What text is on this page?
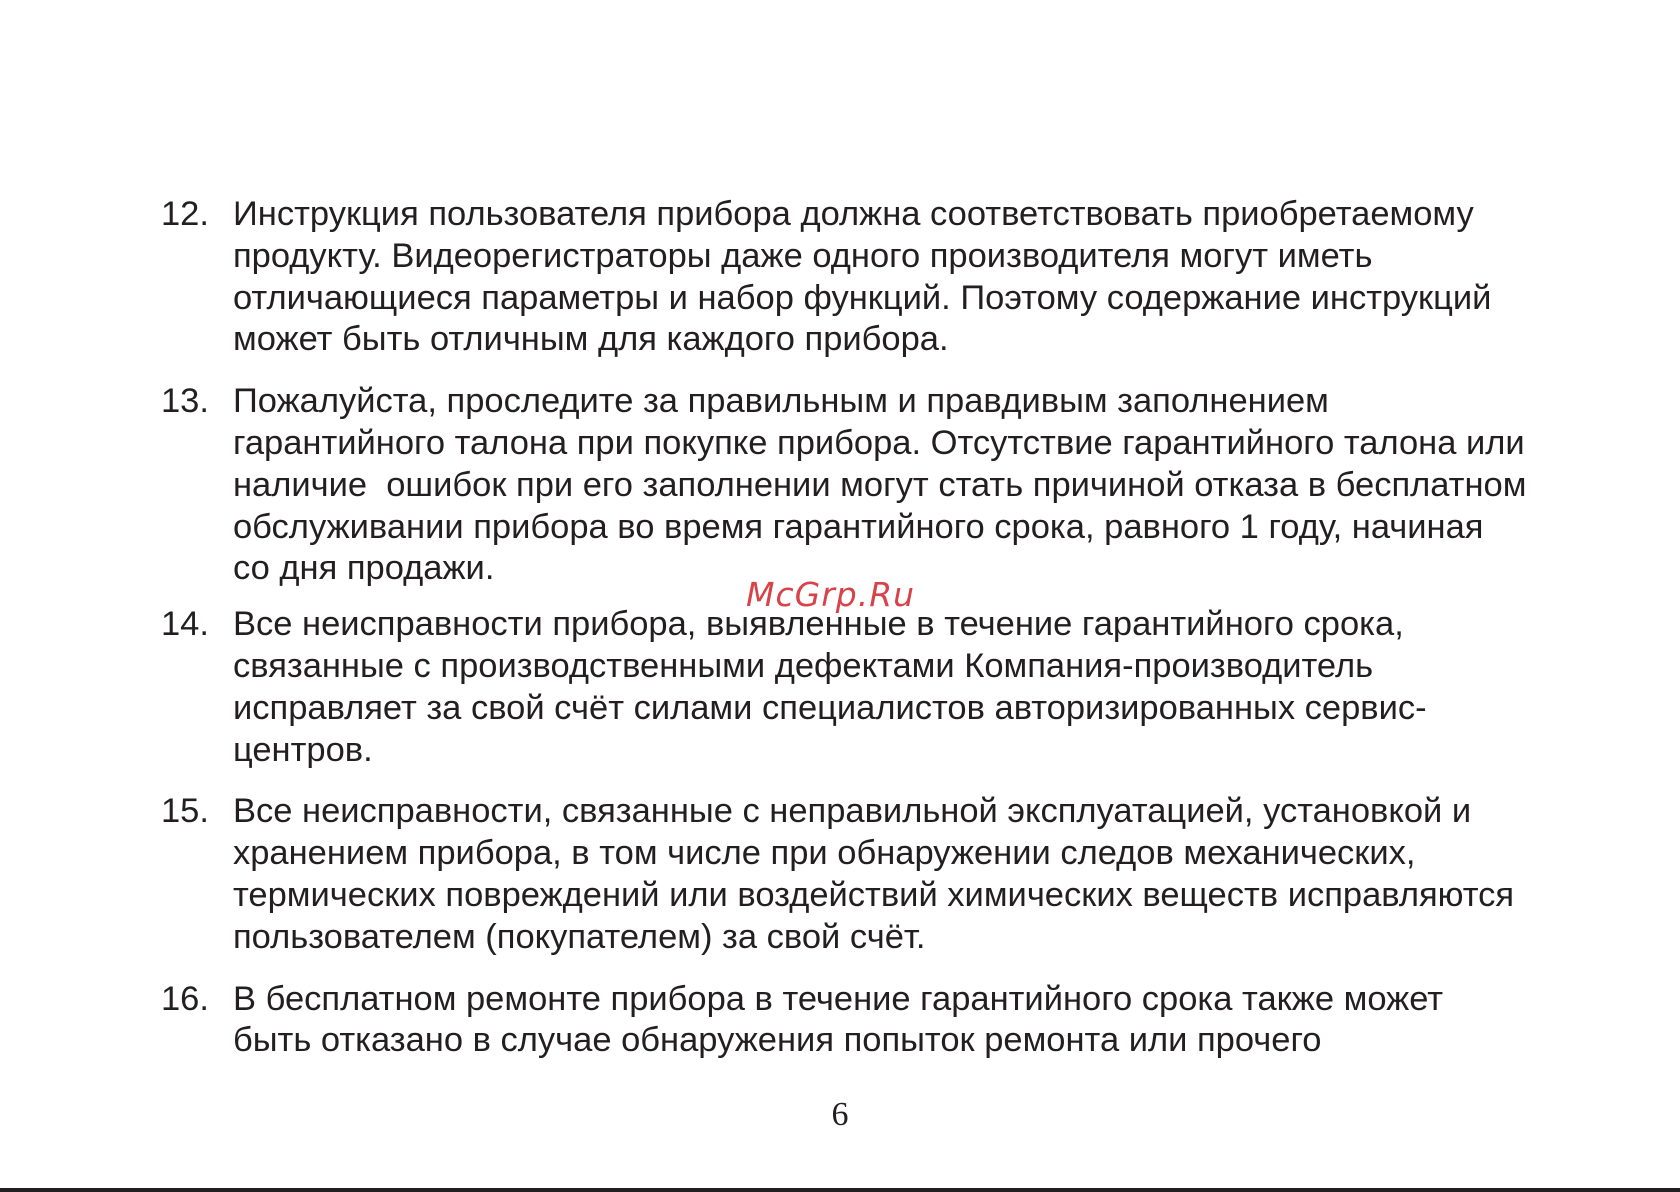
12. Инструкция пользователя прибора должна соответствовать приобретаемому
продукту. Видеорегистраторы даже одного производителя могут иметь
отличающиеся параметры и набор функций. Поэтому содержание инструкций
может быть отличным для каждого прибора.
13. Пожалуйста, проследите за правильным и правдивым заполнением
гарантийного талона при покупке прибора. Отсутствие гарантийного талона или
наличие  ошибок при его заполнении могут стать причиной отказа в бесплатном
обслуживании прибора во время гарантийного срока, равного 1 году, начиная
со дня продажи.
14. Все неисправности прибора, выявленные в течение гарантийного срока,
связанные с производственными дефектами Компания-производитель
исправляет за свой счёт силами специалистов авторизированных сервис-
центров.
15. Все неисправности, связанные с неправильной эксплуатацией, установкой и
хранением прибора, в том числе при обнаружении следов механических,
термических повреждений или воздействий химических веществ исправляются
пользователем (покупателем) за свой счёт.
16. В бесплатном ремонте прибора в течение гарантийного срока также может
быть отказано в случае обнаружения попыток ремонта или прочего
McGrp.Ru
6
